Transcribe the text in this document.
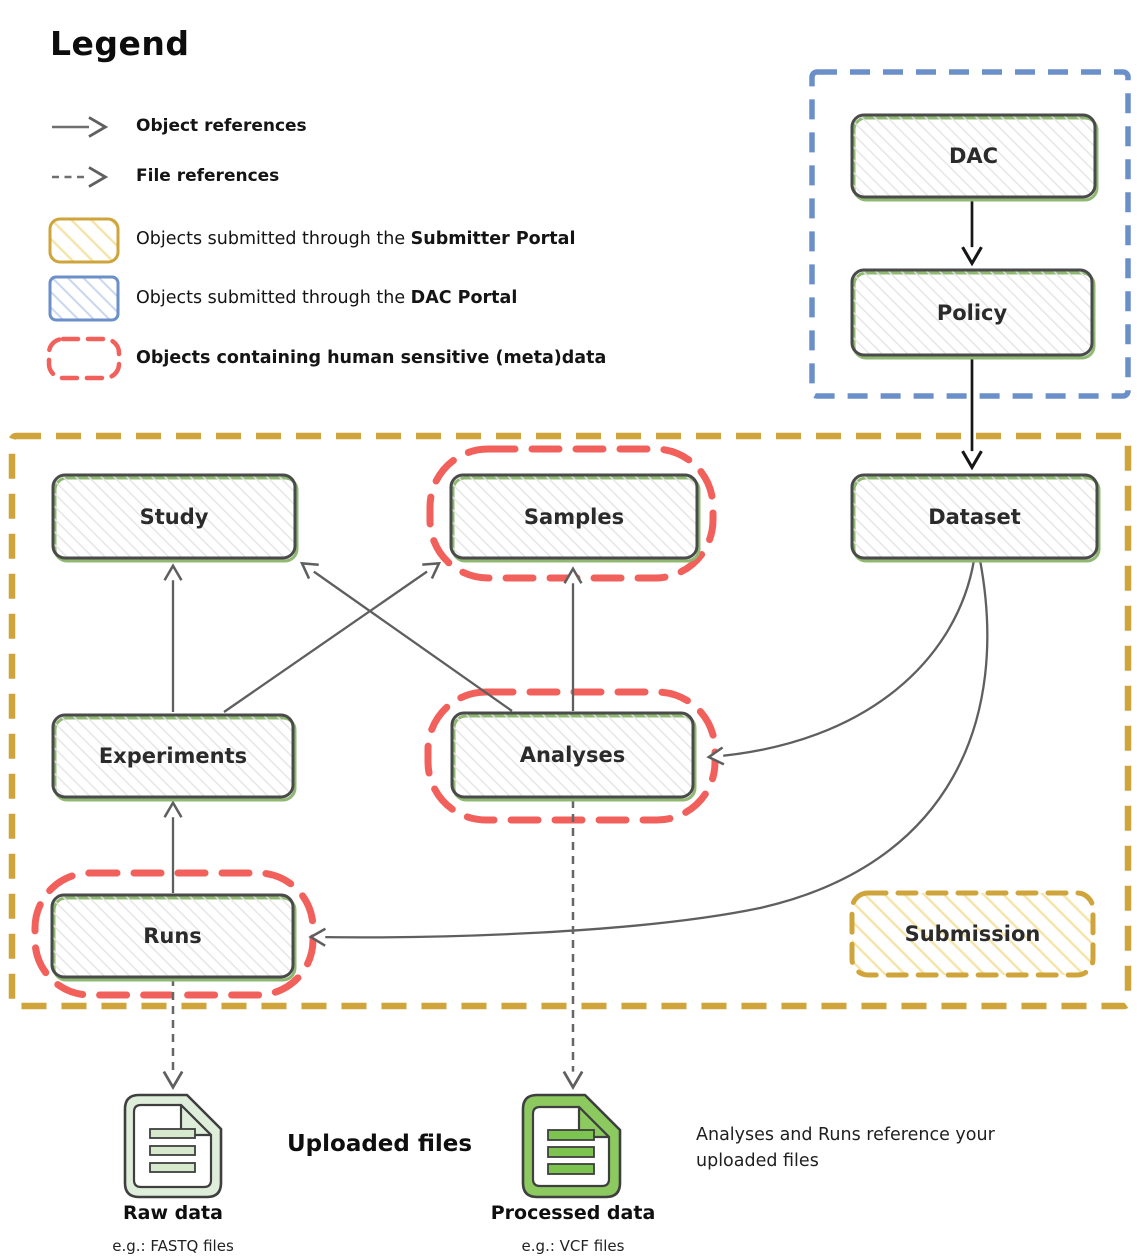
Legend
Object references
File references
Objects submitted through the Submitter Portal
Objects submitted through the DAC Portal
Objects containing human sensitive (meta)data
DAC
Policy
Study	Samples	Dataset
Experiments	Analyses
Runs	Submission
Uploaded files
Raw data
e.g.: FASTQ files
Processed data
e.g.: VCF files
Analyses and Runs reference your uploaded files
